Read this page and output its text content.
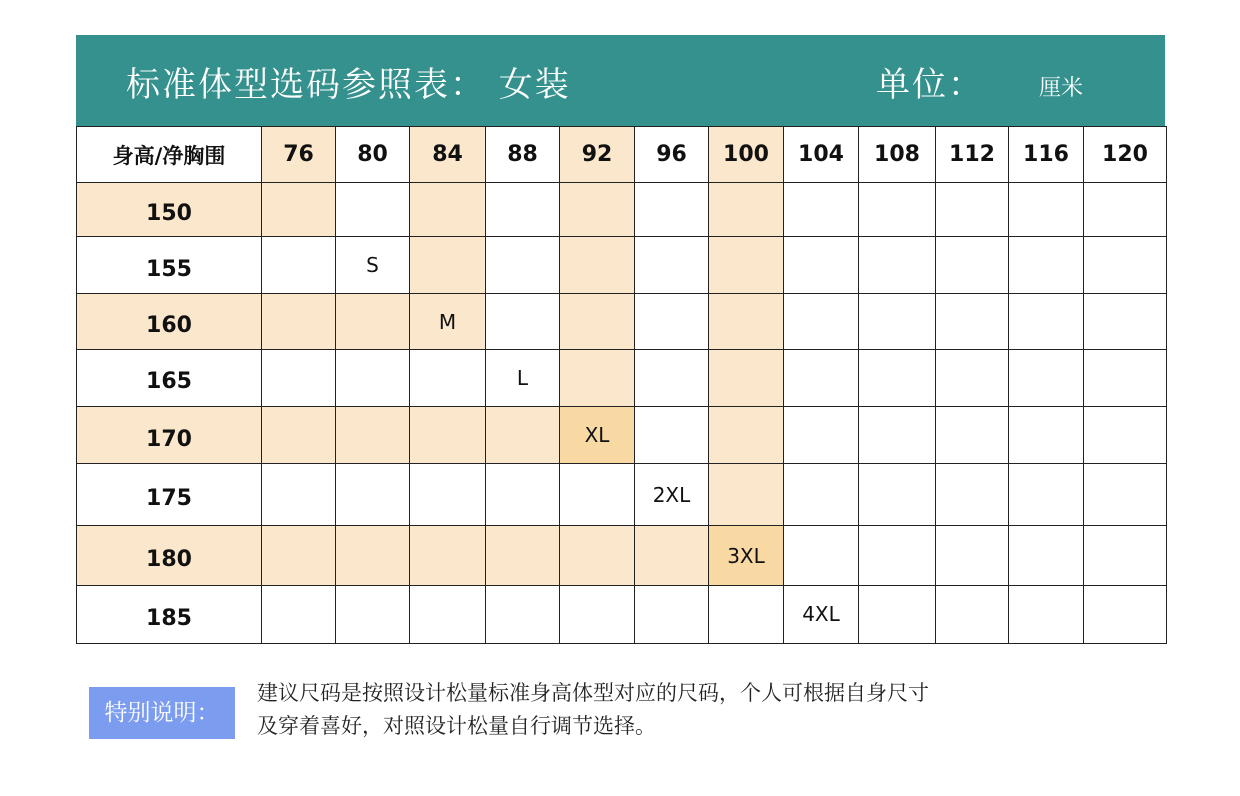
标准体型选码参照表： 女装	单位：	厘米
身高/净胸围	76	80	84	88	92	96	100	104	108	112	116	120
150												
155		S										
160			M									
165				L								
170					XL							
175						2XL						
180							3XL					
185								4XL				
特别说明：
建议尺码是按照设计松量标准身高体型对应的尺码，个人可根据自身尺寸
及穿着喜好，对照设计松量自行调节选择。
